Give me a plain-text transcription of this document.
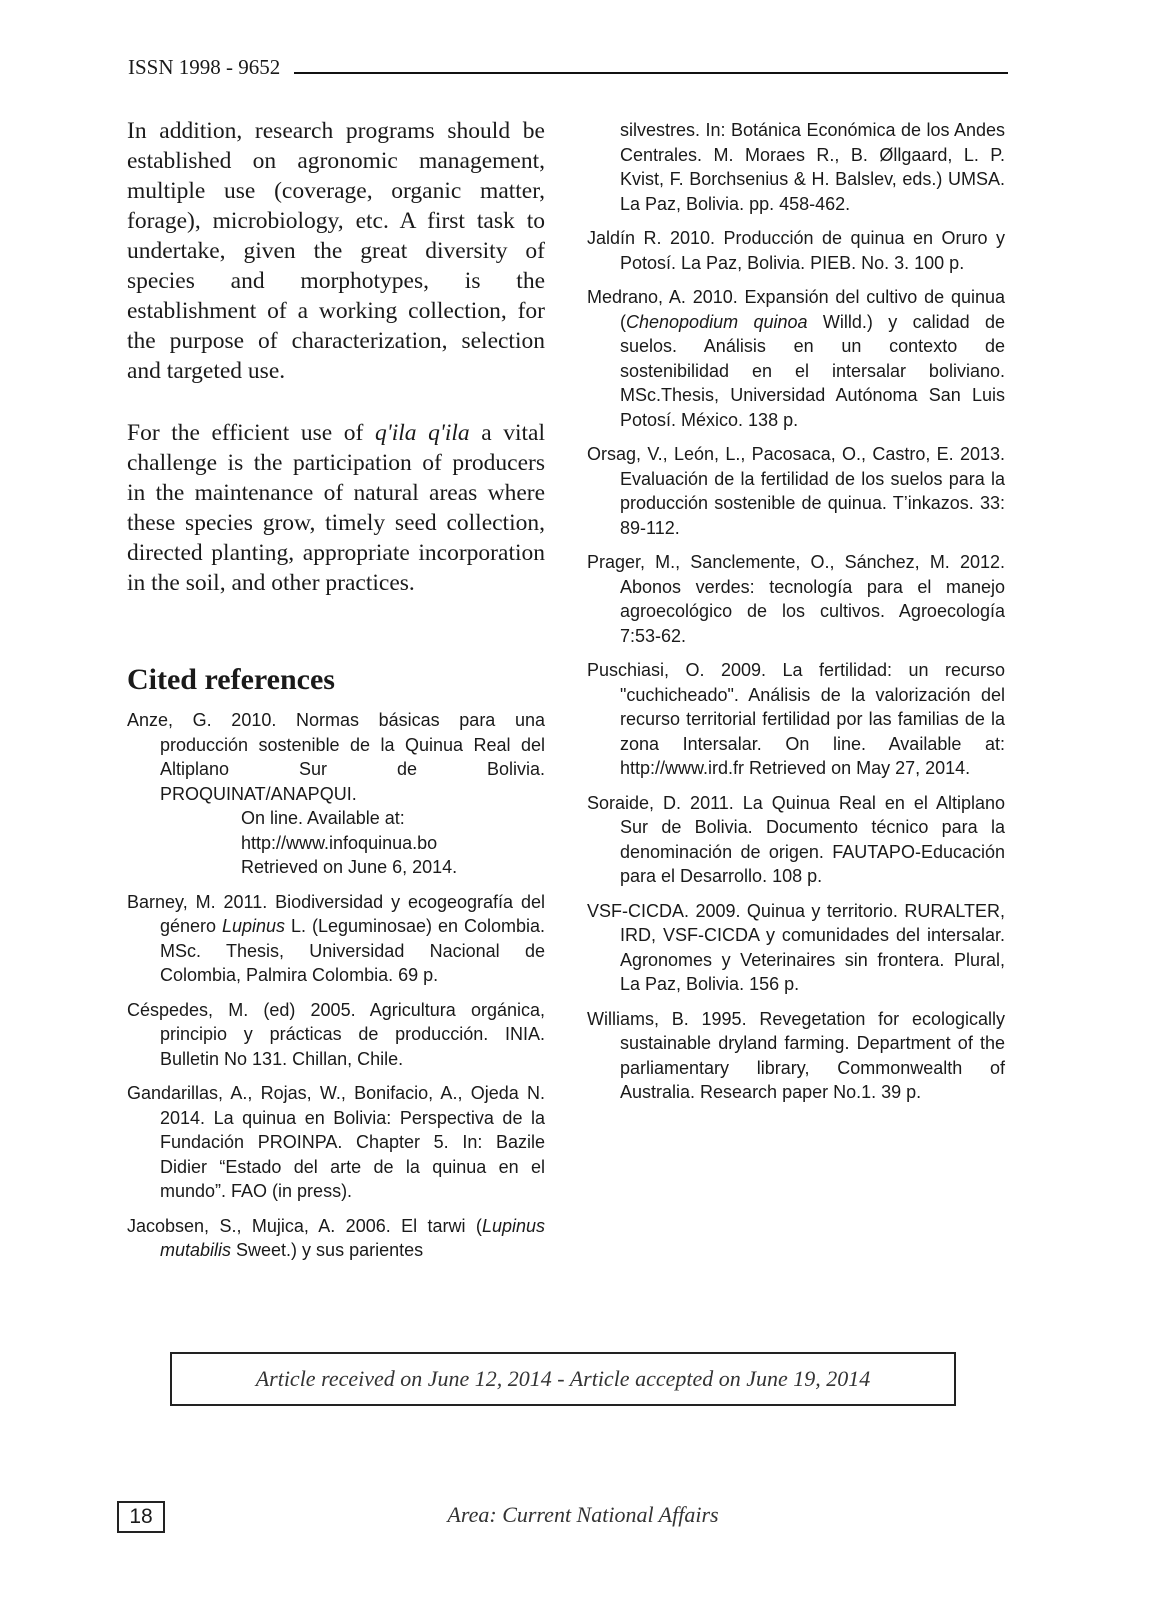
ISSN 1998 - 9652

In addition, research programs should be established on agronomic management, multiple use (coverage, organic matter, forage), microbiology, etc. A first task to undertake, given the great diversity of species and morphotypes, is the establishment of a working collection, for the purpose of characterization, selection and targeted use.

For the efficient use of q'ila q'ila a vital challenge is the participation of producers in the maintenance of natural areas where these species grow, timely seed collection, directed planting, appropriate incorporation in the soil, and other practices.

Cited references

Anze, G. 2010. Normas básicas para una producción sostenible de la Quinua Real del Altiplano Sur de Bolivia. PROQUINAT/ANAPQUI.
On line. Available at:
http://www.infoquinua.bo
Retrieved on June 6, 2014.

Barney, M. 2011. Biodiversidad y ecogeografía del género Lupinus L. (Leguminosae) en Colombia. MSc. Thesis, Universidad Nacional de Colombia, Palmira Colombia. 69 p.

Céspedes, M. (ed) 2005. Agricultura orgánica, principio y prácticas de producción. INIA. Bulletin No 131. Chillan, Chile.

Gandarillas, A., Rojas, W., Bonifacio, A., Ojeda N. 2014. La quinua en Bolivia: Perspectiva de la Fundación PROINPA. Chapter 5. In: Bazile Didier “Estado del arte de la quinua en el mundo”. FAO (in press).

Jacobsen, S., Mujica, A. 2006. El tarwi (Lupinus mutabilis Sweet.) y sus parientes

silvestres. In: Botánica Económica de los Andes Centrales. M. Moraes R., B. Øllgaard, L. P. Kvist, F. Borchsenius & H. Balslev, eds.) UMSA. La Paz, Bolivia. pp. 458-462.

Jaldín R. 2010. Producción de quinua en Oruro y Potosí. La Paz, Bolivia. PIEB. No. 3. 100 p.

Medrano, A. 2010. Expansión del cultivo de quinua (Chenopodium quinoa Willd.) y calidad de suelos. Análisis en un contexto de sostenibilidad en el intersalar boliviano. MSc.Thesis, Universidad Autónoma San Luis Potosí. México. 138 p.

Orsag, V., León, L., Pacosaca, O., Castro, E. 2013. Evaluación de la fertilidad de los suelos para la producción sostenible de quinua. T’inkazos. 33: 89-112.

Prager, M., Sanclemente, O., Sánchez, M. 2012. Abonos verdes: tecnología para el manejo agroecológico de los cultivos. Agroecología 7:53-62.

Puschiasi, O. 2009. La fertilidad: un recurso "cuchicheado". Análisis de la valorización del recurso territorial fertilidad por las familias de la zona Intersalar. On line. Available at: http://www.ird.fr Retrieved on May 27, 2014.

Soraide, D. 2011. La Quinua Real en el Altiplano Sur de Bolivia. Documento técnico para la denominación de origen. FAUTAPO-Educación para el Desarrollo. 108 p.

VSF-CICDA. 2009. Quinua y territorio. RURALTER, IRD, VSF-CICDA y comunidades del intersalar. Agronomes y Veterinaires sin frontera. Plural, La Paz, Bolivia. 156 p.

Williams, B. 1995. Revegetation for ecologically sustainable dryland farming. Department of the parliamentary library, Commonwealth of Australia. Research paper No.1. 39 p.

Article received on June 12, 2014 - Article accepted on June 19, 2014
18	Area: Current National Affairs
